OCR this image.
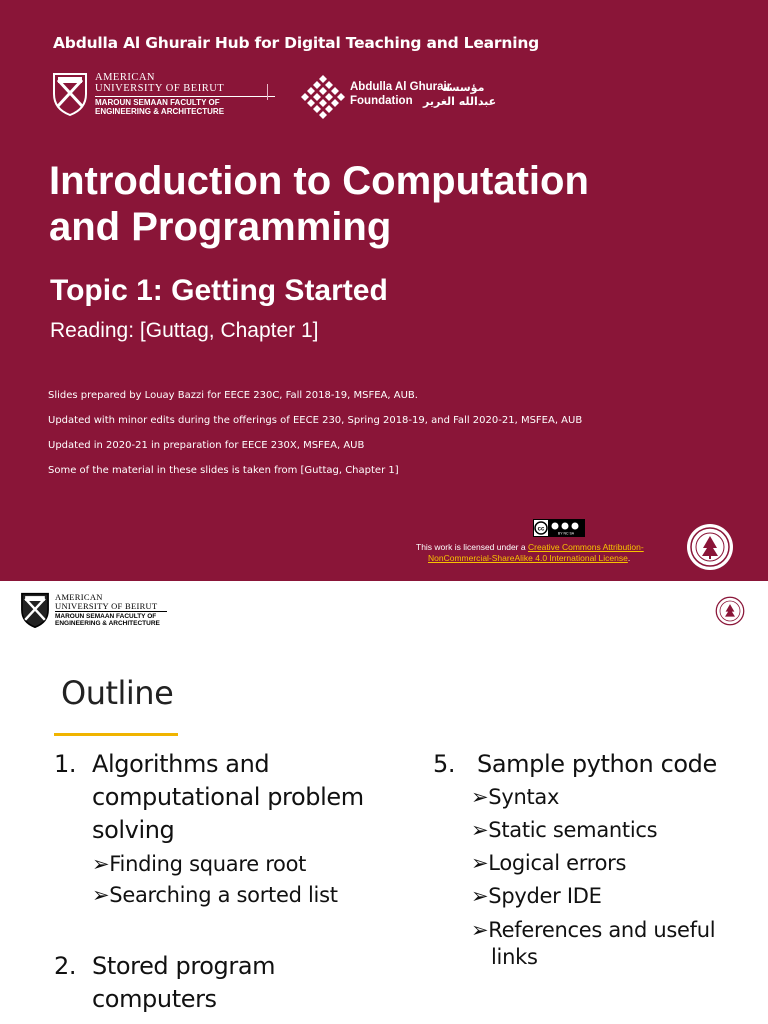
Abdulla Al Ghurair Hub for Digital Teaching and Learning
AMERICAN
UNIVERSITY OF BEIRUT
MAROUN SEMAAN FACULTY OF
ENGINEERING & ARCHITECTURE
Abdulla Al Ghurair
مؤسسة
Foundation عبدالله الغرير
Introduction to Computation
and Programming
Topic 1: Getting Started
Reading: [Guttag, Chapter 1]
Slides prepared by Louay Bazzi for EECE 230C, Fall 2018-19, MSFEA, AUB.
Updated with minor edits during the offerings of EECE 230, Spring 2018-19, and Fall 2020-21, MSFEA, AUB
Updated in 2020-21 in preparation for EECE 230X, MSFEA, AUB
Some of the material in these slides is taken from [Guttag, Chapter 1]
cc
BY NC SA
This work is licensed under a Creative Commons Attribution-
NonCommercial-ShareAlike 4.0 International License.
AMERICAN
UNIVERSITY OF BEIRUT
MAROUN SEMAAN FACULTY OF
ENGINEERING & ARCHITECTURE
Outline
1. Algorithms and
computational problem
solving
➢Finding square root
➢Searching a sorted list
2. Stored program
computers
5. Sample python code
➢Syntax
➢Static semantics
➢Logical errors
➢Spyder IDE
➢References and useful
links
